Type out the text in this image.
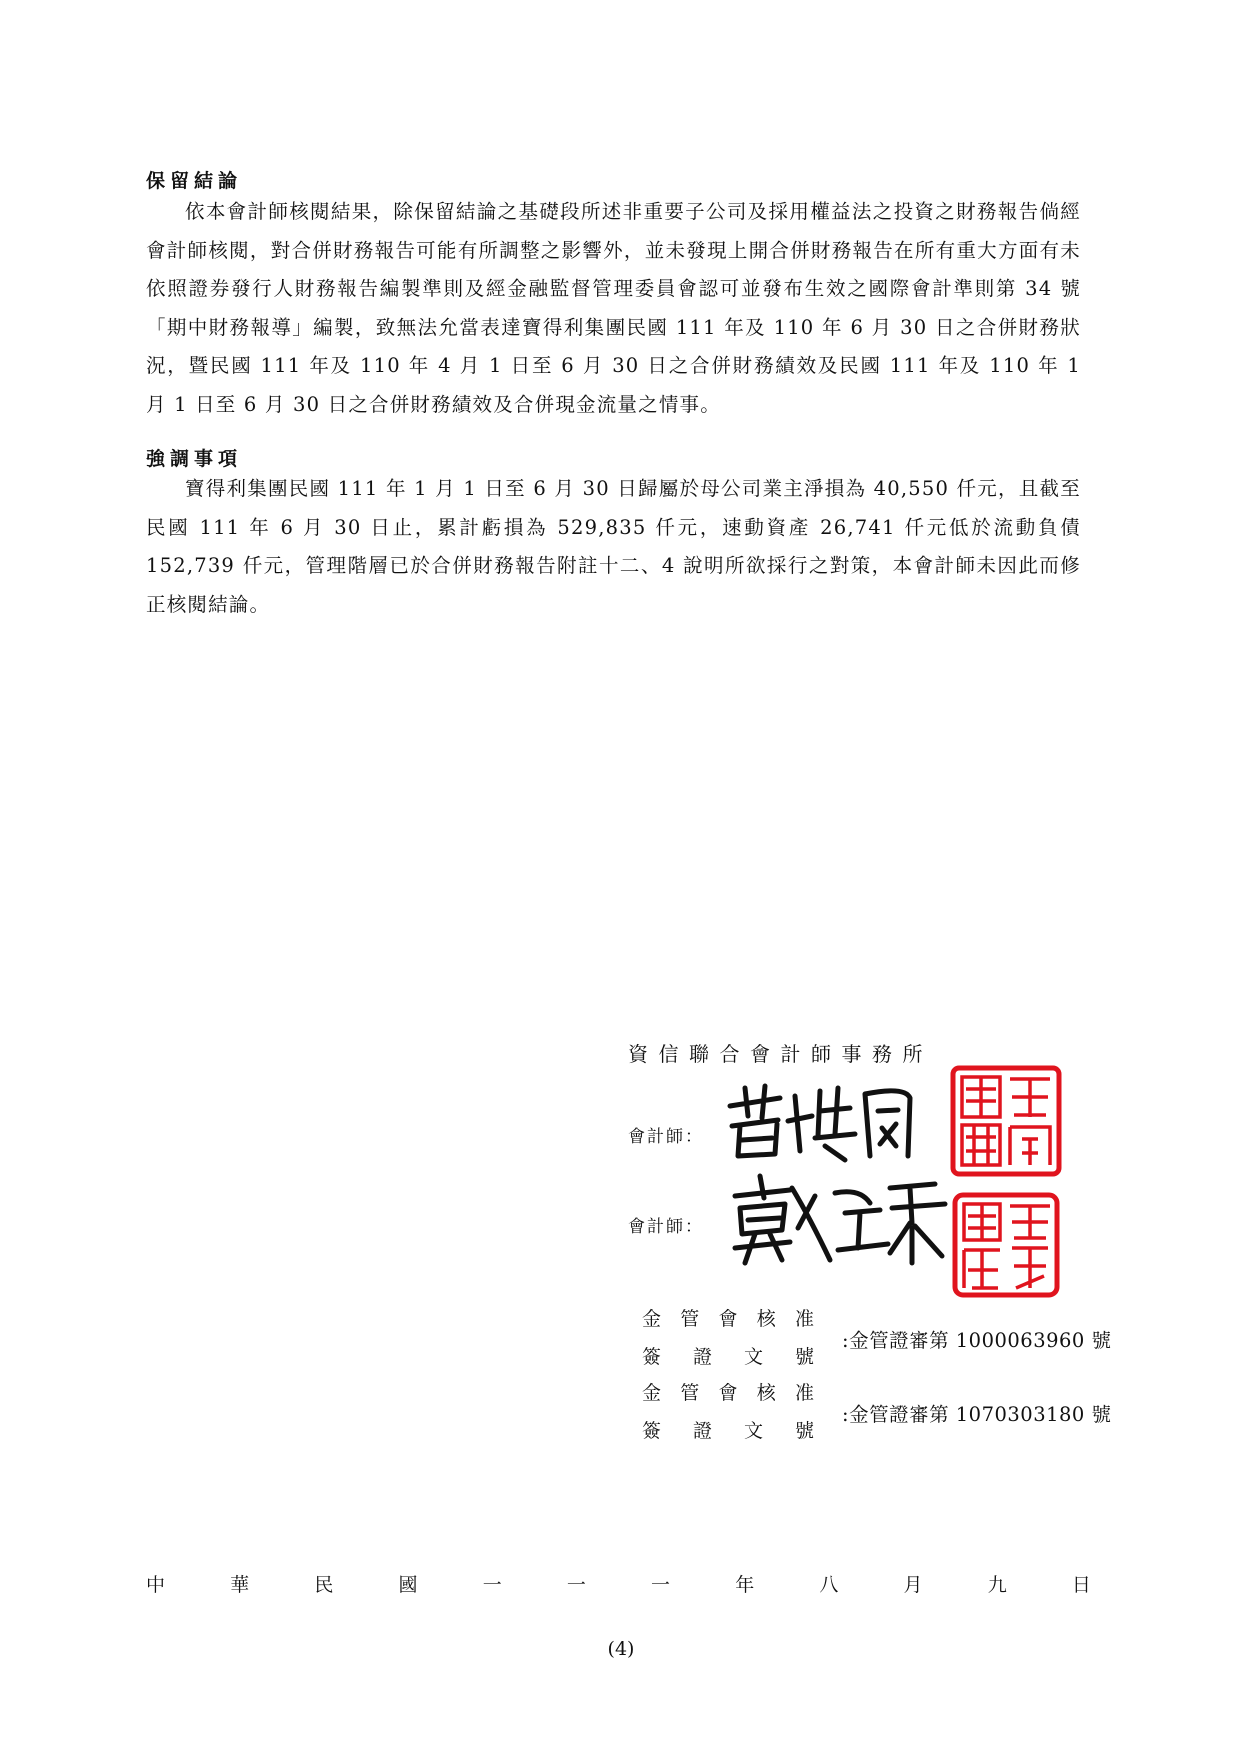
保留結論
依本會計師核閱結果，除保留結論之基礎段所述非重要子公司及採用權益法之投資之財務報告倘經會計師核閱，對合併財務報告可能有所調整之影響外，並未發現上開合併財務報告在所有重大方面有未依照證券發行人財務報告編製準則及經金融監督管理委員會認可並發布生效之國際會計準則第 34 號「期中財務報導」編製，致無法允當表達寶得利集團民國 111 年及 110 年 6 月 30 日之合併財務狀況，暨民國 111 年及 110 年 4 月 1 日至 6 月 30 日之合併財務績效及民國 111 年及 110 年 1 月 1 日至 6 月 30 日之合併財務績效及合併現金流量之情事。
強調事項
寶得利集團民國 111 年 1 月 1 日至 6 月 30 日歸屬於母公司業主淨損為 40,550 仟元，且截至民國 111 年 6 月 30 日止，累計虧損為 529,835 仟元，速動資產 26,741 仟元低於流動負債 152,739 仟元，管理階層已於合併財務報告附註十二、4 說明所欲採行之對策，本會計師未因此而修正核閱結論。
資信聯合會計師事務所
會計師：
會計師：
金 管 會 核 准
簽 證 文 號
:金管證審第 1000063960 號
金 管 會 核 准
簽 證 文 號
:金管證審第 1070303180 號
中	華	民	國	一	一	一	年	八	月	九	日
(4)
